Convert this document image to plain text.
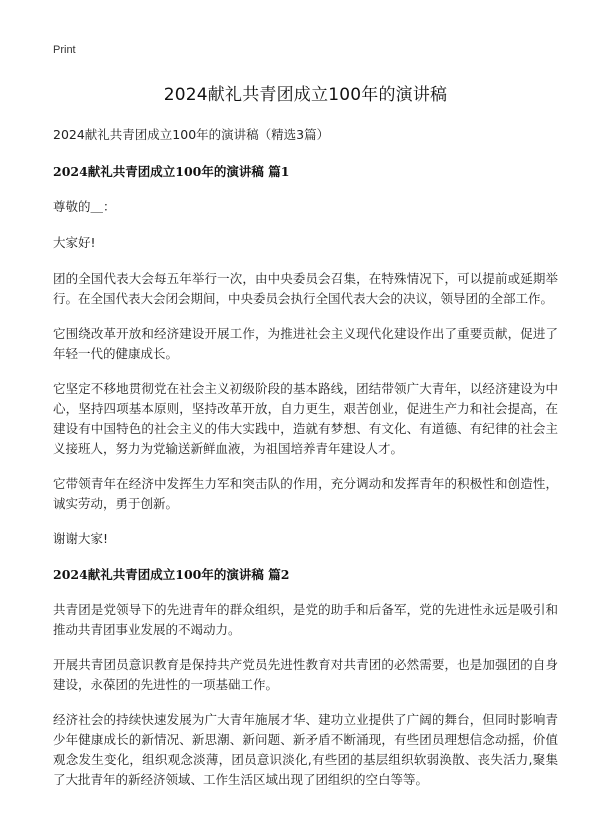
Print
2024献礼共青团成立100年的演讲稿
2024献礼共青团成立100年的演讲稿（精选3篇）
2024献礼共青团成立100年的演讲稿 篇1

尊敬的＿：

大家好!

团的全国代表大会每五年举行一次，由中央委员会召集，在特殊情况下，可以提前或延期举行。在全国代表大会闭会期间，中央委员会执行全国代表大会的决议，领导团的全部工作。

它围绕改革开放和经济建设开展工作，为推进社会主义现代化建设作出了重要贡献，促进了年轻一代的健康成长。

它坚定不移地贯彻党在社会主义初级阶段的基本路线，团结带领广大青年，以经济建设为中心，坚持四项基本原则，坚持改革开放，自力更生，艰苦创业，促进生产力和社会提高，在建设有中国特色的社会主义的伟大实践中，造就有梦想、有文化、有道德、有纪律的社会主义接班人，努力为党输送新鲜血液，为祖国培养青年建设人才。

它带领青年在经济中发挥生力军和突击队的作用，充分调动和发挥青年的积极性和创造性，诚实劳动，勇于创新。

谢谢大家!

2024献礼共青团成立100年的演讲稿 篇2

共青团是党领导下的先进青年的群众组织，是党的助手和后备军，党的先进性永远是吸引和推动共青团事业发展的不竭动力。

开展共青团员意识教育是保持共产党员先进性教育对共青团的必然需要，也是加强团的自身建设，永葆团的先进性的一项基础工作。

经济社会的持续快速发展为广大青年施展才华、建功立业提供了广阔的舞台，但同时影响青少年健康成长的新情况、新思潮、新问题、新矛盾不断涌现，有些团员理想信念动摇，价值观念发生变化，组织观念淡薄，团员意识淡化,有些团的基层组织软弱涣散、丧失活力,聚集了大批青年的新经济领域、工作生活区域出现了团组织的空白等等。
